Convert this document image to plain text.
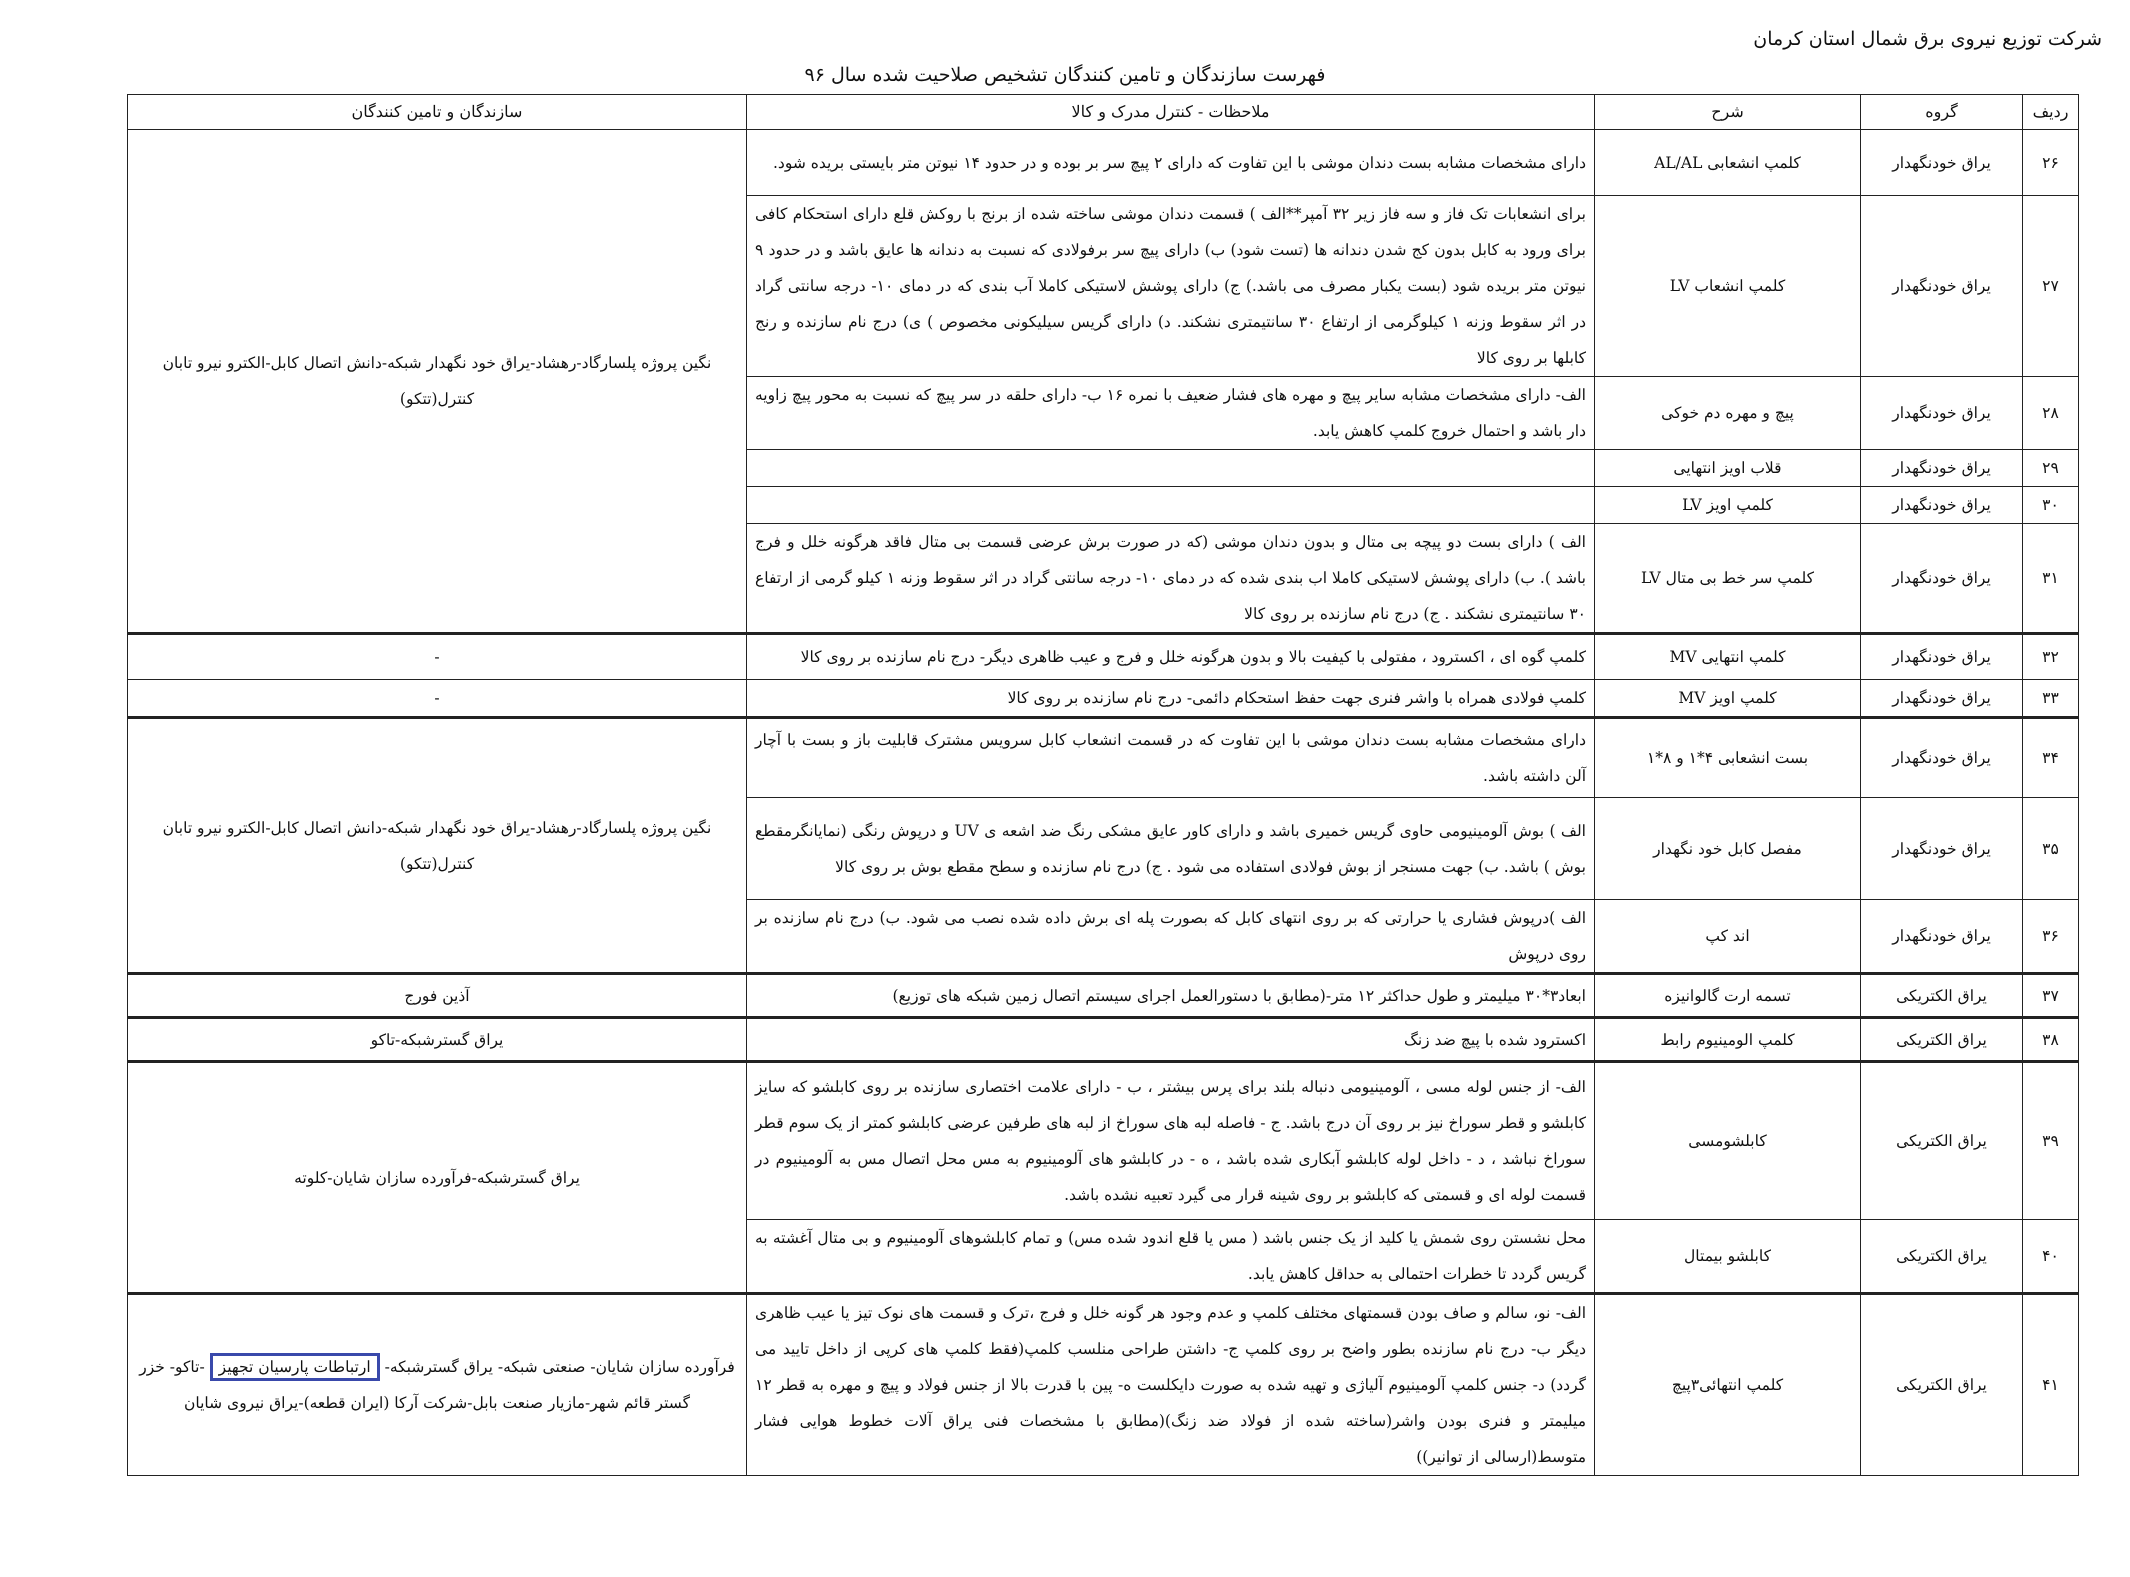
شرکت توزیع نیروی برق شمال استان کرمان
فهرست سازندگان و تامین کنندگان تشخیص صلاحیت شده سال ۹۶
ردیف	گروه	شرح	ملاحظات - کنترل مدرک و کالا	سازندگان و تامین کنندگان
۲۶	یراق خودنگهدار	کلمپ انشعابی AL/AL	دارای مشخصات مشابه بست دندان موشی با این تفاوت که دارای ۲ پیچ سر بر بوده و در حدود ۱۴ نیوتن متر بایستی بریده شود.	نگین پروژه پلسارگاد-رهشاد-یراق خود نگهدار شبکه-دانش اتصال کابل-الکترو نیرو تابان کنترل(تتکو)
۲۷	یراق خودنگهدار	کلمپ انشعاب LV	برای انشعابات تک فاز و سه فاز زیر ۳۲ آمپر**الف ) قسمت دندان موشی ساخته شده از برنج با روکش قلع دارای استحکام کافی برای ورود به کابل بدون کج شدن دندانه ها (تست شود) ب) دارای پیچ سر برفولادی که نسبت به دندانه ها عایق باشد و در حدود ۹ نیوتن متر بریده شود (بست یکبار مصرف می باشد.) ج) دارای پوشش لاستیکی کاملا آب بندی که در دمای ۱۰- درجه سانتی گراد در اثر سقوط وزنه ۱ کیلوگرمی از ارتفاع ۳۰ سانتیمتری نشکند. د) دارای گریس سیلیکونی مخصوص ) ی) درج نام سازنده و رنج کابلها بر روی کالا	
۲۸	یراق خودنگهدار	پیچ و مهره دم خوکی	الف- دارای مشخصات مشابه سایر پیچ و مهره های فشار ضعیف با نمره ۱۶ ب- دارای حلقه در سر پیچ که نسبت به محور پیچ زاویه دار باشد و احتمال خروج کلمپ کاهش یابد.	
۲۹	یراق خودنگهدار	قلاب اویز انتهایی		
۳۰	یراق خودنگهدار	کلمپ اویز LV		
۳۱	یراق خودنگهدار	کلمپ سر خط بی متال LV	الف ) دارای بست دو پیچه بی متال و بدون دندان موشی (که در صورت برش عرضی قسمت بی متال فاقد هرگونه خلل و فرج باشد ). ب) دارای پوشش لاستیکی کاملا اب بندی شده که در دمای ۱۰- درجه سانتی گراد در اثر سقوط وزنه ۱ کیلو گرمی از ارتفاع ۳۰ سانتیمتری نشکند . ج) درج نام سازنده بر روی کالا	
۳۲	یراق خودنگهدار	کلمپ انتهایی MV	کلمپ گوه ای ، اکسترود ، مفتولی با کیفیت بالا و بدون هرگونه خلل و فرج و عیب ظاهری دیگر- درج نام سازنده بر روی کالا	-
۳۳	یراق خودنگهدار	کلمپ اویز MV	کلمپ فولادی همراه با واشر فنری جهت حفظ استحکام دائمی- درج نام سازنده بر روی کالا	-
۳۴	یراق خودنگهدار	بست انشعابی ۴*۱ و ۸*۱	دارای مشخصات مشابه بست دندان موشی با این تفاوت که در قسمت انشعاب کابل سرویس مشترک قابلیت باز و بست با آچار آلن داشته باشد.	نگین پروژه پلسارگاد-رهشاد-یراق خود نگهدار شبکه-دانش اتصال کابل-الکترو نیرو تابان کنترل(تتکو)
۳۵	یراق خودنگهدار	مفصل کابل خود نگهدار	الف ) بوش آلومینیومی حاوی گریس خمیری باشد و دارای کاور عایق مشکی رنگ ضد اشعه ی UV و درپوش رنگی (نمایانگرمقطع بوش ) باشد. ب) جهت مسنجر از بوش فولادی استفاده می شود . ج) درج نام سازنده و سطح مقطع بوش بر روی کالا	
۳۶	یراق خودنگهدار	اند کپ	الف )درپوش فشاری یا حرارتی که بر روی انتهای کابل که بصورت پله ای برش داده شده نصب می شود. ب) درج نام سازنده بر روی درپوش	
۳۷	یراق الکتریکی	تسمه ارت گالوانیزه	ابعاد۳*۳۰ میلیمتر و طول حداکثر ۱۲ متر-(مطابق با دستورالعمل اجرای سیستم اتصال زمین شبکه های توزیع)	آذین فورج
۳۸	یراق الکتریکی	کلمپ الومینیوم رابط	اکسترود شده با پیچ ضد زنگ	یراق گسترشبکه-تاکو
۳۹	یراق الکتریکی	کابلشومسی	الف- از جنس لوله مسی ، آلومینیومی دنباله بلند برای پرس بیشتر ، ب - دارای علامت اختصاری سازنده بر روی کابلشو که سایز کابلشو و قطر سوراخ نیز بر روی آن درج باشد. ج - فاصله لبه های سوراخ از لبه های طرفین عرضی کابلشو کمتر از یک سوم قطر سوراخ نباشد ، د - داخل لوله کابلشو آبکاری شده باشد ، ه - در کابلشو های آلومینیوم به مس محل اتصال مس به آلومینیوم در قسمت لوله ای و قسمتی که کابلشو بر روی شینه قرار می گیرد تعبیه نشده باشد.	یراق گسترشبکه-فرآورده سازان شایان-کلوته
۴۰	یراق الکتریکی	کابلشو بیمتال	محل نشستن روی شمش یا کلید از یک جنس باشد ( مس یا قلع اندود شده مس) و تمام کابلشوهای آلومینیوم و بی متال آغشته به گریس گردد تا خطرات احتمالی به حداقل کاهش یابد.	
۴۱	یراق الکتریکی	کلمپ انتهائی۳پیچ	الف- نو، سالم و صاف بودن قسمتهای مختلف کلمپ و عدم وجود هر گونه خلل و فرج ،ترک و قسمت های نوک تیز یا عیب ظاهری دیگر ب- درج نام سازنده بطور واضح بر روی کلمپ ج- داشتن طراحی منلسب کلمپ(فقط کلمپ های کرپی از داخل تایید می گردد) د- جنس کلمپ آلومینیوم آلیاژی و تهیه شده به صورت دایکلست ه- پین با قدرت بالا از جنس فولاد و پیچ و مهره به قطر ۱۲ میلیمتر و فنری بودن واشر(ساخته شده از فولاد ضد زنگ)(مطابق با مشخصات فنی یراق آلات خطوط هوایی فشار متوسط(ارسالی از توانیر))	فرآورده سازان شایان- صنعتی شبکه- یراق گسترشبکه- ارتباطات پارسیان تجهیز -تاکو- خزر گستر قائم شهر-مازیار صنعت بابل-شرکت آرکا (ایران قطعه)-یراق نیروی شایان
